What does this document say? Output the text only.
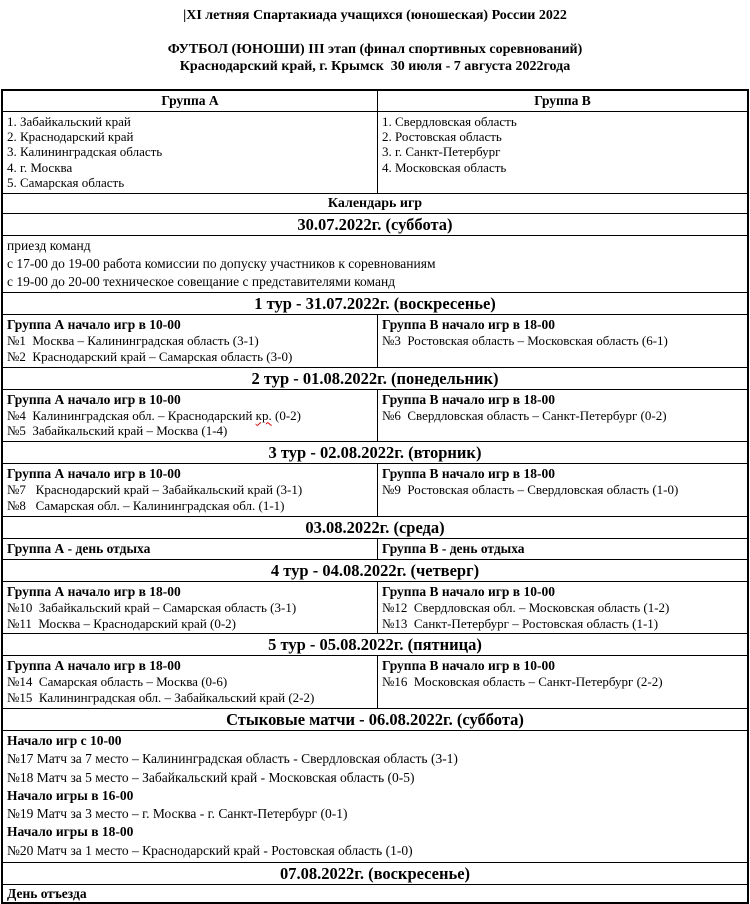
|XI летняя Спартакиада учащихся (юношеская) России 2022
ФУТБОЛ (ЮНОШИ) III этап (финал спортивных соревнований)
Краснодарский край, г. Крымск  30 июля - 7 августа 2022года
Группа А	Группа В
1. Забайкальский край
2. Краснодарский край
3. Калининградская область
4. г. Москва
5. Самарская область
1. Свердловская область
2. Ростовская область
3. г. Санкт-Петербург
4. Московская область
Календарь игр
30.07.2022г. (суббота)
приезд команд
с 17-00 до 19-00 работа комиссии по допуску участников к соревнованиям
с 19-00 до 20-00 техническое совещание с представителями команд
1 тур - 31.07.2022г. (воскресенье)
Группа А начало игр в 10-00
№1  Москва – Калининградская область (3-1)
№2  Краснодарский край – Самарская область (3-0)
Группа В начало игр в 18-00
№3  Ростовская область – Московская область (6-1)
2 тур - 01.08.2022г. (понедельник)
Группа А начало игр в 10-00
№4  Калининградская обл. – Краснодарский кр. (0-2)
№5  Забайкальский край – Москва (1-4)
Группа В начало игр в 18-00
№6  Свердловская область – Санкт-Петербург (0-2)
3 тур - 02.08.2022г. (вторник)
Группа А начало игр в 10-00
№7   Краснодарский край – Забайкальский край (3-1)
№8   Самарская обл. – Калининградская обл. (1-1)
Группа В начало игр в 18-00
№9  Ростовская область – Свердловская область (1-0)
03.08.2022г. (среда)
Группа А - день отдыха	Группа В - день отдыха
4 тур - 04.08.2022г. (четверг)
Группа А начало игр в 18-00
№10  Забайкальский край – Самарская область (3-1)
№11  Москва – Краснодарский край (0-2)
Группа В начало игр в 10-00
№12  Свердловская обл. – Московская область (1-2)
№13  Санкт-Петербург – Ростовская область (1-1)
5 тур - 05.08.2022г. (пятница)
Группа А начало игр в 18-00
№14  Самарская область – Москва (0-6)
№15  Калининградская обл. – Забайкальский край (2-2)
Группа В начало игр в 10-00
№16  Московская область – Санкт-Петербург (2-2)
Стыковые матчи - 06.08.2022г. (суббота)
Начало игр с 10-00
№17 Матч за 7 место – Калининградская область - Свердловская область (3-1)
№18 Матч за 5 место – Забайкальский край - Московская область (0-5)
Начало игры в 16-00
№19 Матч за 3 место – г. Москва - г. Санкт-Петербург (0-1)
Начало игры в 18-00
№20 Матч за 1 место – Краснодарский край - Ростовская область (1-0)
07.08.2022г. (воскресенье)
День отъезда
